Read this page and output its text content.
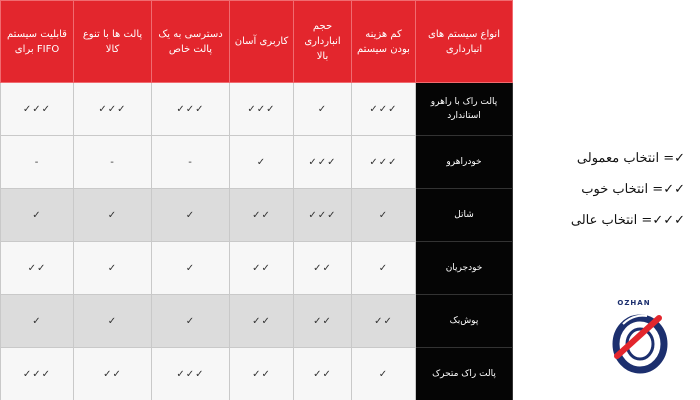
قابلیت سیستم برای FIFO	پالت ها با تنوع کالا	دسترسی به یک پالت خاص	کاربری آسان	حجم انبارداری بالا	کم هزینه بودن سیستم	انواع سیستم های انبارداری
✓✓✓	✓✓✓	✓✓✓	✓✓✓	✓	✓✓✓	پالت راک با راهرو استاندارد
-	-	-	✓	✓✓✓	✓✓✓	خودراهرو
✓	✓	✓	✓✓	✓✓✓	✓	شاتل
✓✓	✓	✓	✓✓	✓✓	✓	خودجریان
✓	✓	✓	✓✓	✓✓	✓✓	پوش‌بک
✓✓✓	✓✓	✓✓✓	✓✓	✓✓	✓	پالت راک متحرک
✓= انتخاب معمولی
✓✓= انتخاب خوب
✓✓✓= انتخاب عالی
OZHAN
